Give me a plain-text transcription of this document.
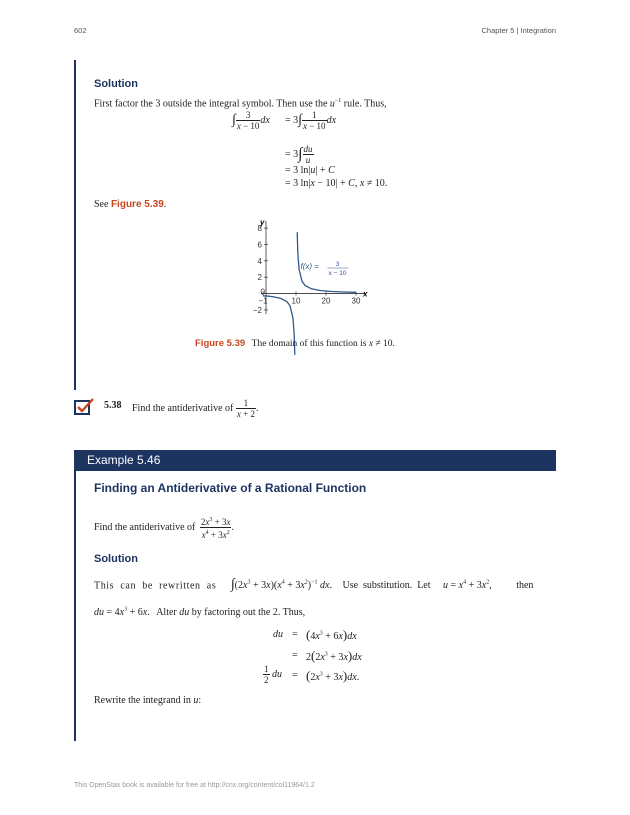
602	Chapter 5 | Integration
Solution
First factor the 3 outside the integral symbol. Then use the $u^{-1}$ rule. Thus,
∫ $\frac{3}{x - 10}$ dx = $3\int \frac{1}{x - 10}$ dx
= $3\int \frac{du}{u}$
= 3 ln|u| + C
= 3 ln|x − 10| + C, x ≠ 10.
See Figure 5.39.
x
y
−1	10	20	30
−2
2
4
6
8
0
f(x) =	3
x − 10
Figure 5.39 The domain of this function is x ≠ 10.
5.38 Find the antiderivative of $\frac{1}{x + 2}$ .
Example 5.46
Finding an Antiderivative of a Rational Function
Find the antiderivative of $\frac{2x^3 + 3x}{x^4 + 3x^2}$ .
Solution
This  can  be  rewritten  as $\int(2x^3 + 3x)(x^4 + 3x^2)^{-1}$ dx. Use  substitution.  Let $u = x^4 + 3x^2$, then
du = $4x^3 + 6x$. Alter du by factoring out the 2. Thus,
du = $(4x^3 + 6x)dx$
= $2(2x^3 + 3x)dx$
$\frac{1}{2}$ du = $(2x^3 + 3x)dx$.
Rewrite the integrand in u:
This OpenStax book is available for free at http://cnx.org/content/col11964/1.2
